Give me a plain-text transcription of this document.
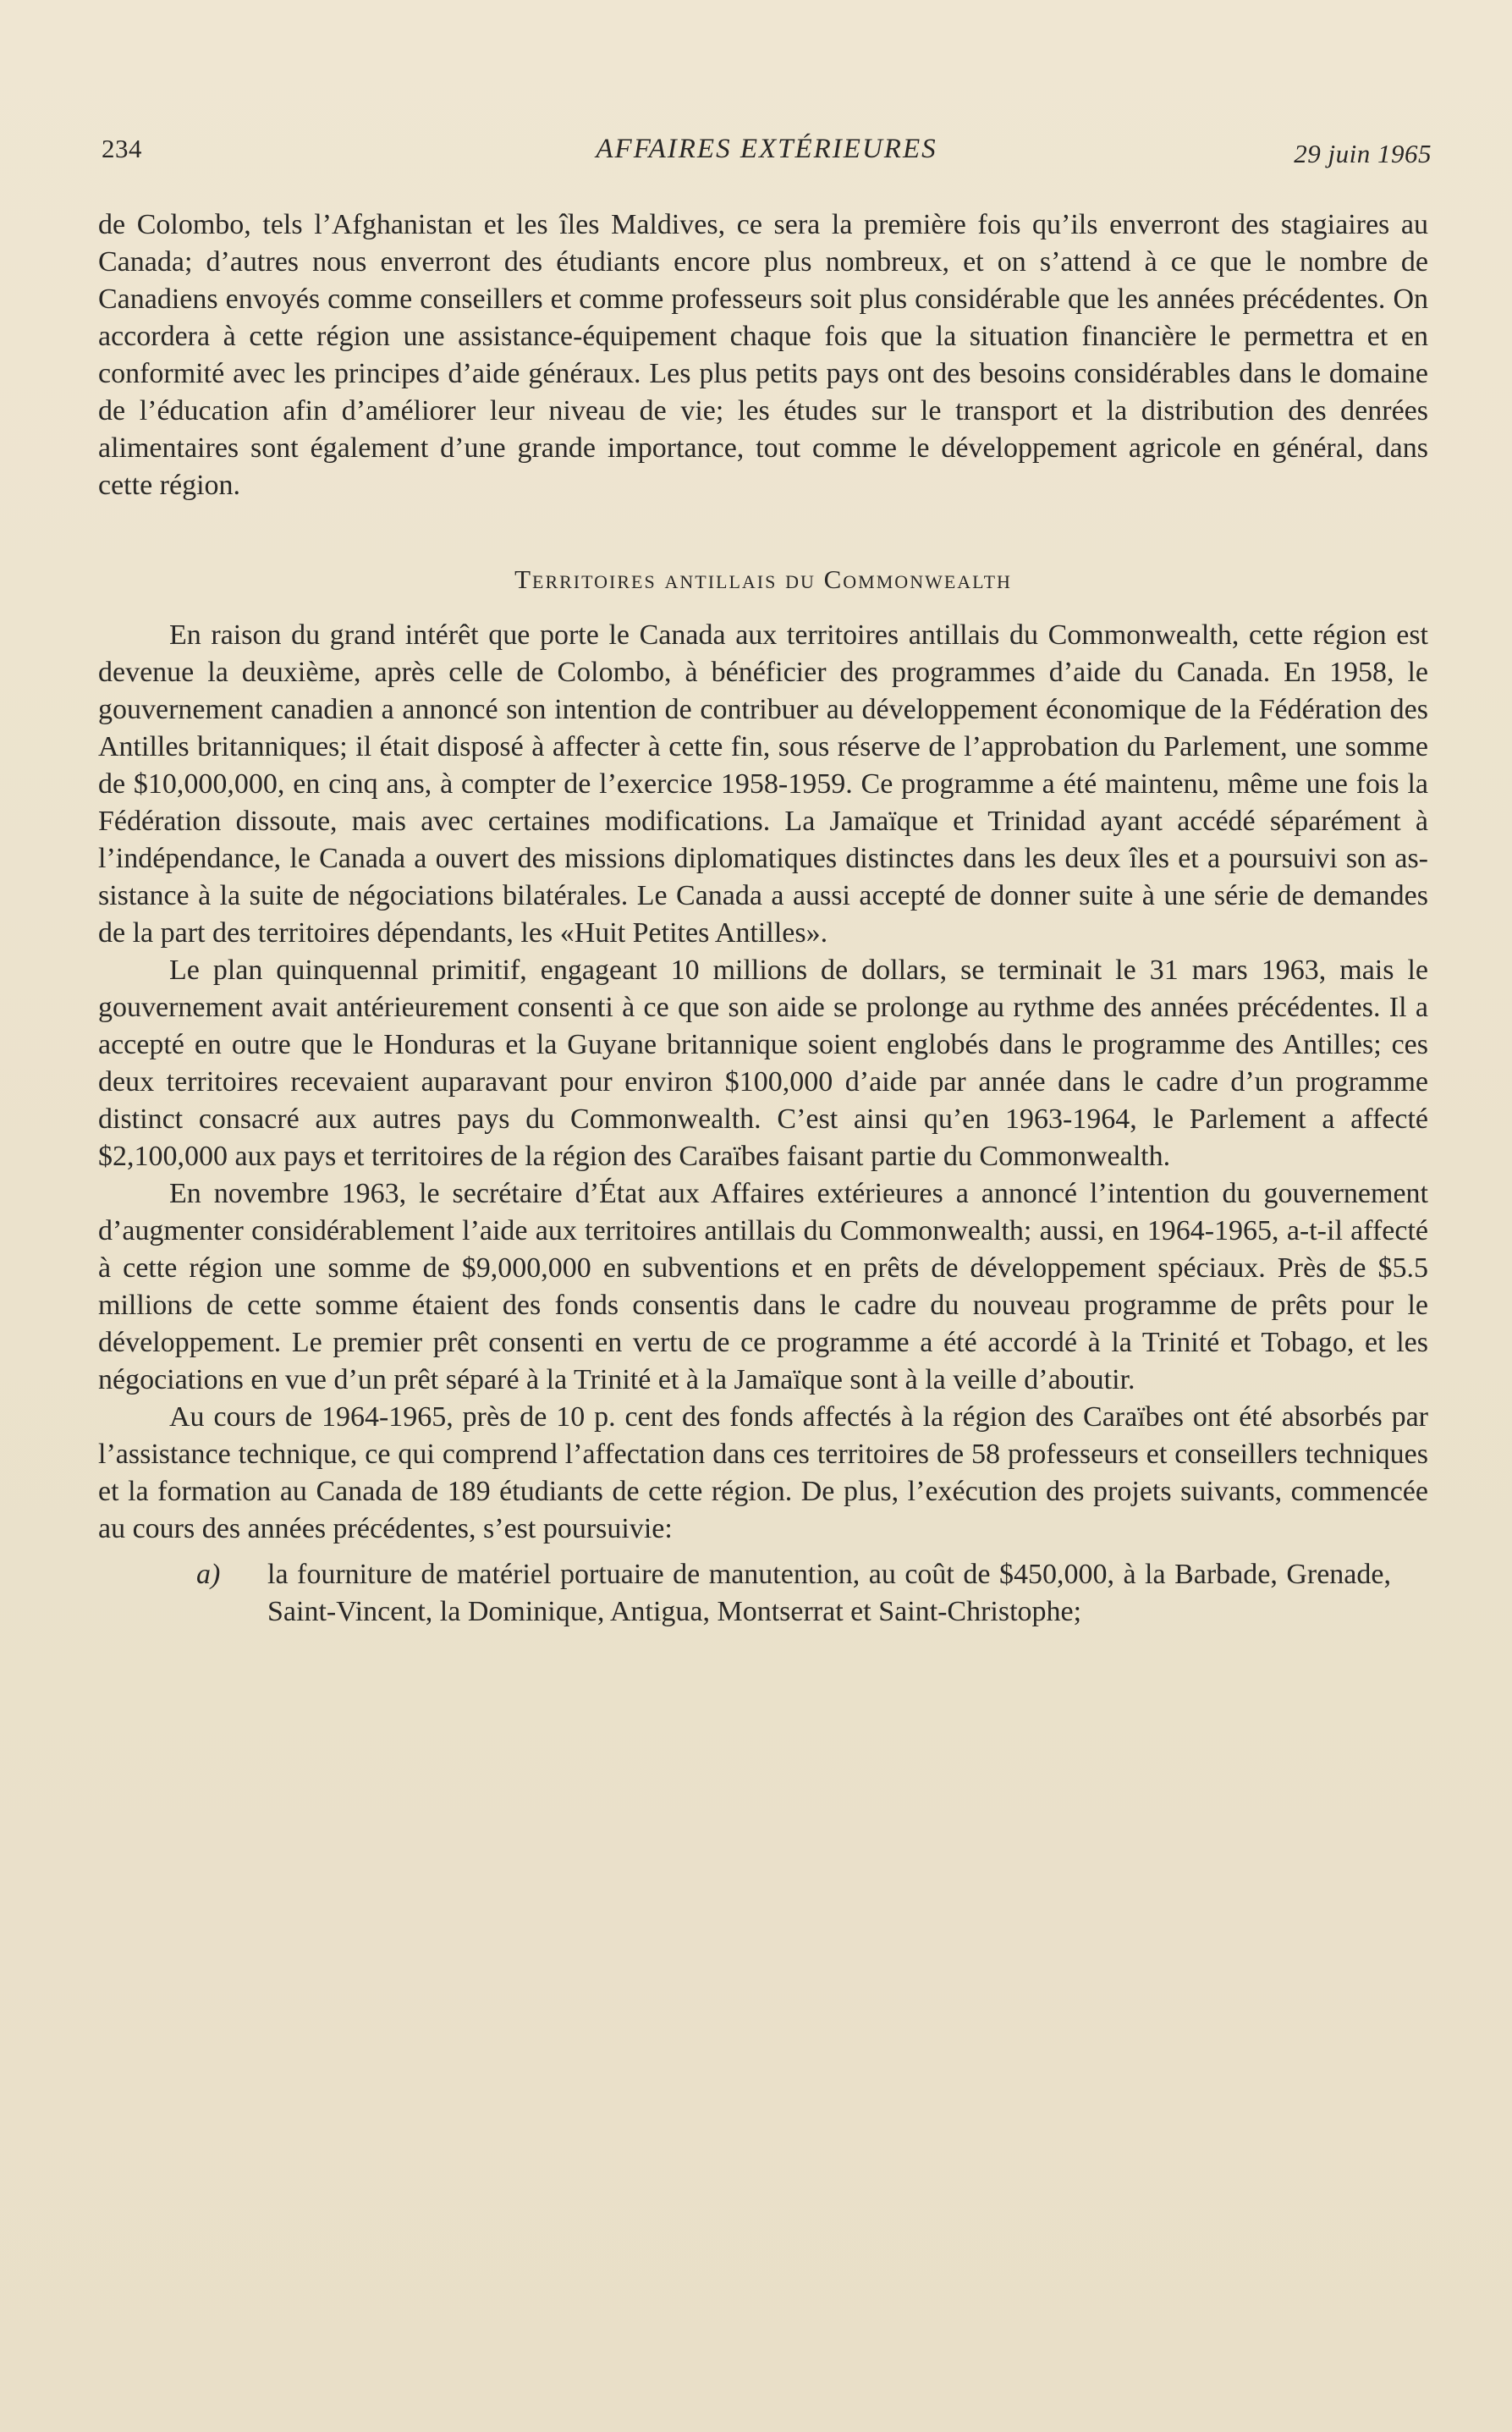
234	AFFAIRES EXTÉRIEURES	29 juin 1965

de Colombo, tels l’Afghanistan et les îles Maldives, ce sera la première fois qu’ils enverront des stagiaires au Canada; d’autres nous enverront des étudiants encore plus nombreux, et on s’attend à ce que le nombre de Canadiens envoyés comme conseillers et comme professeurs soit plus considérable que les années précédentes. On accordera à cette région une assistance-équipement chaque fois que la situation financière le permettra et en conformité avec les principes d’aide généraux. Les plus petits pays ont des besoins considérables dans le domaine de l’éducation afin d’améliorer leur niveau de vie; les études sur le transport et la distribution des denrées alimentaires sont également d’une grande importance, tout comme le développement agricole en général, dans cette région.

Territoires antillais du Commonwealth

En raison du grand intérêt que porte le Canada aux territoires antillais du Commonwealth, cette région est devenue la deuxième, après celle de Colombo, à bénéficier des programmes d’aide du Canada. En 1958, le gouvernement canadien a annoncé son intention de contribuer au développement économique de la Fédération des Antilles britanniques; il était disposé à affecter à cette fin, sous réserve de l’approbation du Parlement, une somme de $10,000,000, en cinq ans, à compter de l’exercice 1958-1959. Ce programme a été maintenu, même une fois la Fédération dissoute, mais avec certaines modifications. La Jamaïque et Trinidad ayant accédé séparément à l’indépendance, le Canada a ouvert des missions diplomatiques distinctes dans les deux îles et a poursuivi son assistance à la suite de négociations bilatérales. Le Canada a aussi accepté de donner suite à une série de demandes de la part des territoires dépendants, les «Huit Petites Antilles».

Le plan quinquennal primitif, engageant 10 millions de dollars, se terminait le 31 mars 1963, mais le gouvernement avait antérieurement consenti à ce que son aide se prolonge au rythme des années précédentes. Il a accepté en outre que le Honduras et la Guyane britannique soient englobés dans le programme des Antilles; ces deux territoires recevaient auparavant pour environ $100,000 d’aide par année dans le cadre d’un programme distinct consacré aux autres pays du Commonwealth. C’est ainsi qu’en 1963-1964, le Parlement a affecté $2,100,000 aux pays et territoires de la région des Caraïbes faisant partie du Commonwealth.

En novembre 1963, le secrétaire d’État aux Affaires extérieures a annoncé l’intention du gouvernement d’augmenter considérablement l’aide aux territoires antillais du Commonwealth; aussi, en 1964-1965, a-t-il affecté à cette région une somme de $9,000,000 en subventions et en prêts de développement spéciaux. Près de $5.5 millions de cette somme étaient des fonds consentis dans le cadre du nouveau programme de prêts pour le développement. Le premier prêt consenti en vertu de ce programme a été accordé à la Trinité et Tobago, et les négociations en vue d’un prêt séparé à la Trinité et à la Jamaïque sont à la veille d’aboutir.

Au cours de 1964-1965, près de 10 p. cent des fonds affectés à la région des Caraïbes ont été absorbés par l’assistance technique, ce qui comprend l’affectation dans ces territoires de 58 professeurs et conseillers techniques et la formation au Canada de 189 étudiants de cette région. De plus, l’exécution des projets suivants, commencée au cours des années précédentes, s’est poursuivie:

a) la fourniture de matériel portuaire de manutention, au coût de $450,000, à la Barbade, Grenade, Saint-Vincent, la Dominique, Antigua, Montserrat et Saint-Christophe;
